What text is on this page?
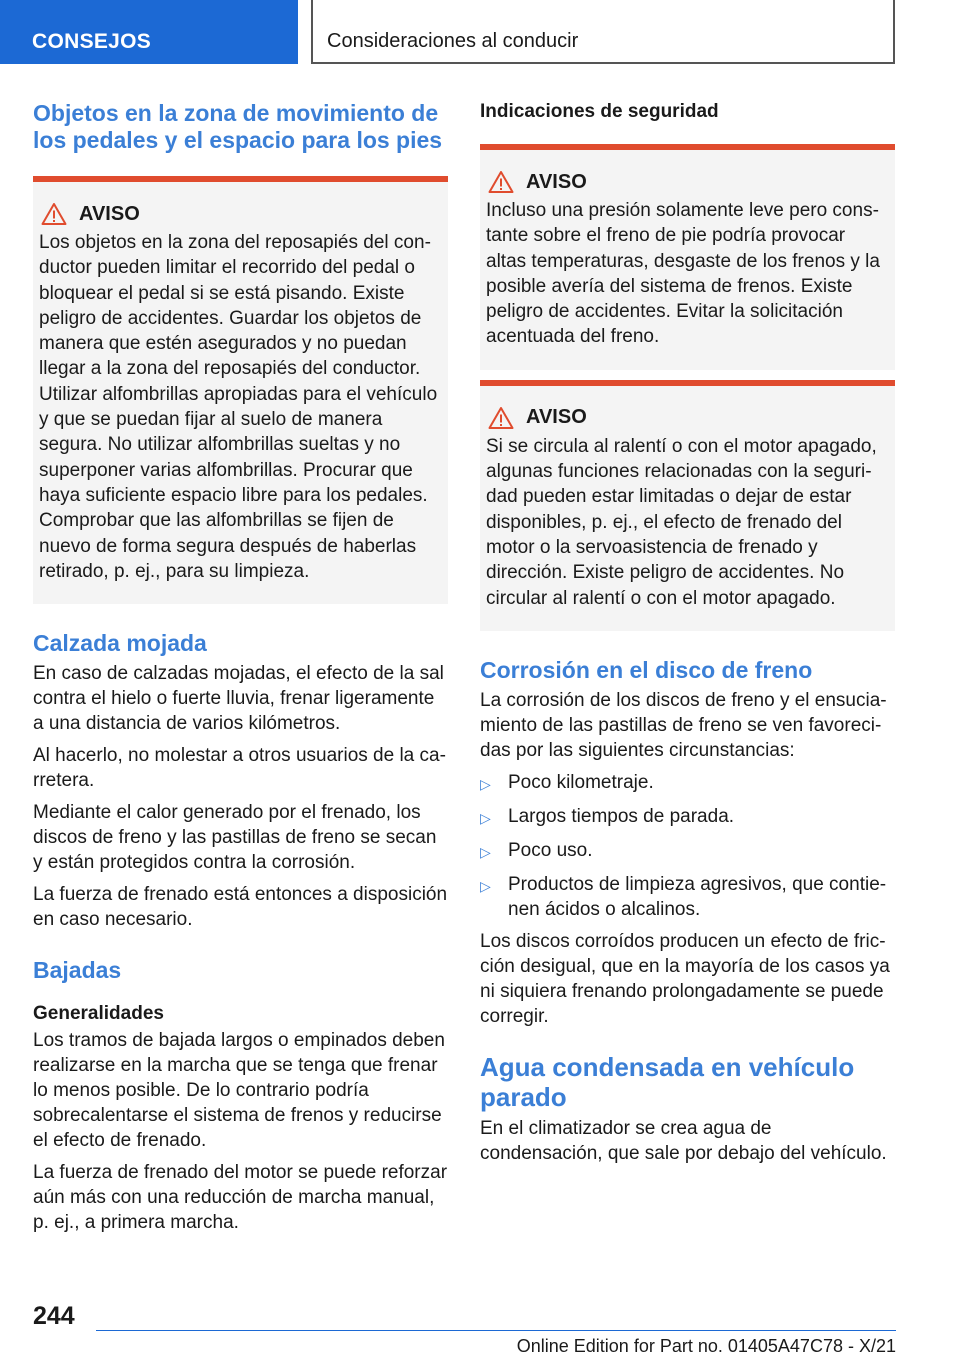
CONSEJOS	Consideraciones al conducir
Objetos en la zona de movimiento de los pedales y el espacio para los pies
AVISO

Los objetos en la zona del reposapiés del conductor pueden limitar el recorrido del pedal o bloquear el pedal si se está pisando. Existe peligro de accidentes. Guardar los objetos de manera que estén asegurados y no puedan llegar a la zona del reposapiés del conductor. Utilizar alfombrillas apropiadas para el vehículo y que se puedan fijar al suelo de manera segura. No utilizar alfombrillas sueltas y no superponer varias alfombrillas. Procurar que haya suficiente espacio libre para los pedales. Comprobar que las alfombrillas se fijen de nuevo de forma segura después de haberlas retirado, p. ej., para su limpieza.

Calzada mojada

En caso de calzadas mojadas, el efecto de la sal contra el hielo o fuerte lluvia, frenar ligeramente a una distancia de varios kilómetros.

Al hacerlo, no molestar a otros usuarios de la carretera.

Mediante el calor generado por el frenado, los discos de freno y las pastillas de freno se secan y están protegidos contra la corrosión.

La fuerza de frenado está entonces a disposición en caso necesario.

Bajadas
Generalidades

Los tramos de bajada largos o empinados deben realizarse en la marcha que se tenga que frenar lo menos posible. De lo contrario podría sobrecalentarse el sistema de frenos y reducirse el efecto de frenado.

La fuerza de frenado del motor se puede reforzar aún más con una reducción de marcha manual, p. ej., a primera marcha.

Indicaciones de seguridad
AVISO

Incluso una presión solamente leve pero constante sobre el freno de pie podría provocar altas temperaturas, desgaste de los frenos y la posible avería del sistema de frenos. Existe peligro de accidentes. Evitar la solicitación acentuada del freno.

AVISO

Si se circula al ralentí o con el motor apagado, algunas funciones relacionadas con la seguridad pueden estar limitadas o dejar de estar disponibles, p. ej., el efecto de frenado del motor o la servoasistencia de frenado y dirección. Existe peligro de accidentes. No circular al ralentí o con el motor apagado.

Corrosión en el disco de freno

La corrosión de los discos de freno y el ensuciamiento de las pastillas de freno se ven favorecidas por las siguientes circunstancias:

▷ Poco kilometraje.
▷ Largos tiempos de parada.
▷ Poco uso.
▷ Productos de limpieza agresivos, que contienen ácidos o alcalinos.

Los discos corroídos producen un efecto de fricción desigual, que en la mayoría de los casos ya ni siquiera frenando prolongadamente se puede corregir.

Agua condensada en vehículo parado

En el climatizador se crea agua de condensación, que sale por debajo del vehículo.

244
Online Edition for Part no. 01405A47C78 - X/21
